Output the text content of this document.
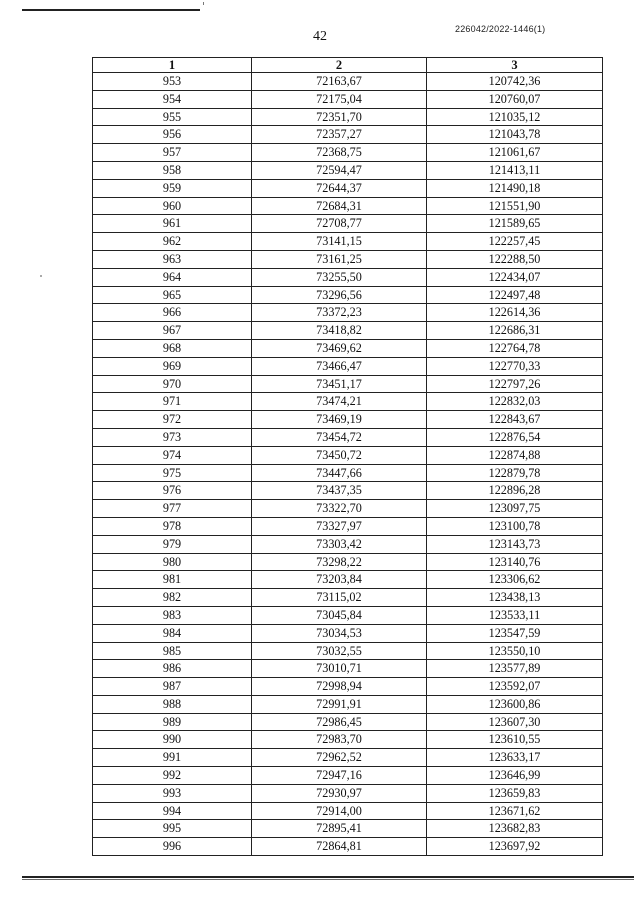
42	226042/2022-1446(1)
1	2	3
953	72163,67	120742,36
954	72175,04	120760,07
955	72351,70	121035,12
956	72357,27	121043,78
957	72368,75	121061,67
958	72594,47	121413,11
959	72644,37	121490,18
960	72684,31	121551,90
961	72708,77	121589,65
962	73141,15	122257,45
963	73161,25	122288,50
964	73255,50	122434,07
965	73296,56	122497,48
966	73372,23	122614,36
967	73418,82	122686,31
968	73469,62	122764,78
969	73466,47	122770,33
970	73451,17	122797,26
971	73474,21	122832,03
972	73469,19	122843,67
973	73454,72	122876,54
974	73450,72	122874,88
975	73447,66	122879,78
976	73437,35	122896,28
977	73322,70	123097,75
978	73327,97	123100,78
979	73303,42	123143,73
980	73298,22	123140,76
981	73203,84	123306,62
982	73115,02	123438,13
983	73045,84	123533,11
984	73034,53	123547,59
985	73032,55	123550,10
986	73010,71	123577,89
987	72998,94	123592,07
988	72991,91	123600,86
989	72986,45	123607,30
990	72983,70	123610,55
991	72962,52	123633,17
992	72947,16	123646,99
993	72930,97	123659,83
994	72914,00	123671,62
995	72895,41	123682,83
996	72864,81	123697,92
